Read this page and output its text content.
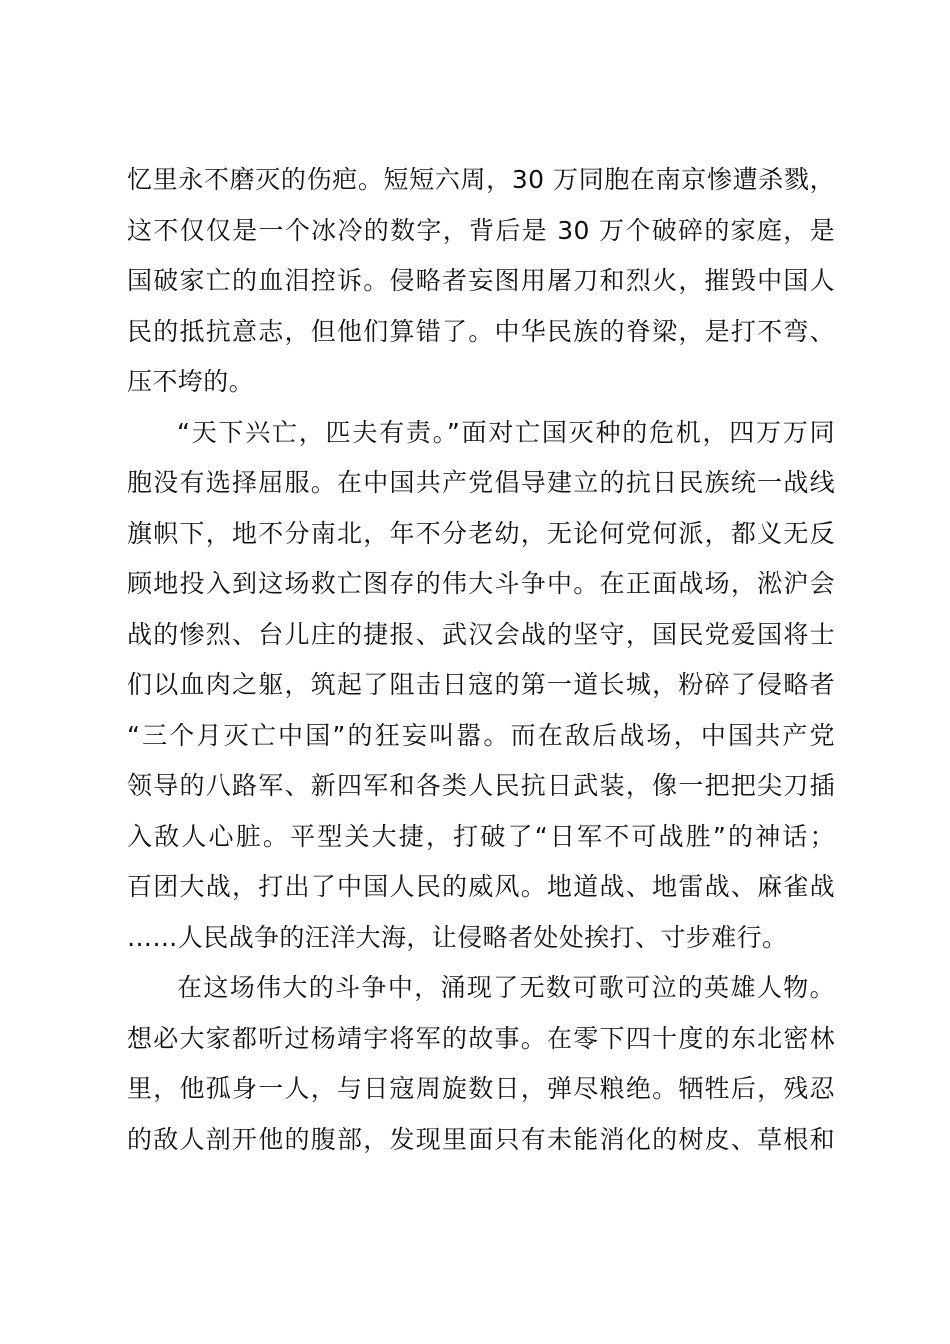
忆里永不磨灭的伤疤。短短六周，30 万同胞在南京惨遭杀戮，
这不仅仅是一个冰冷的数字，背后是 30 万个破碎的家庭，是
国破家亡的血泪控诉。侵略者妄图用屠刀和烈火，摧毁中国人
民的抵抗意志，但他们算错了。中华民族的脊梁，是打不弯、
压不垮的。
“天下兴亡，匹夫有责。”面对亡国灭种的危机，四万万同
胞没有选择屈服。在中国共产党倡导建立的抗日民族统一战线
旗帜下，地不分南北，年不分老幼，无论何党何派，都义无反
顾地投入到这场救亡图存的伟大斗争中。在正面战场，淞沪会
战的惨烈、台儿庄的捷报、武汉会战的坚守，国民党爱国将士
们以血肉之躯，筑起了阻击日寇的第一道长城，粉碎了侵略者
“三个月灭亡中国”的狂妄叫嚣。而在敌后战场，中国共产党
领导的八路军、新四军和各类人民抗日武装，像一把把尖刀插
入敌人心脏。平型关大捷，打破了“日军不可战胜”的神话；
百团大战，打出了中国人民的威风。地道战、地雷战、麻雀战
……人民战争的汪洋大海，让侵略者处处挨打、寸步难行。
在这场伟大的斗争中，涌现了无数可歌可泣的英雄人物。
想必大家都听过杨靖宇将军的故事。在零下四十度的东北密林
里，他孤身一人，与日寇周旋数日，弹尽粮绝。牺牲后，残忍
的敌人剖开他的腹部，发现里面只有未能消化的树皮、草根和
